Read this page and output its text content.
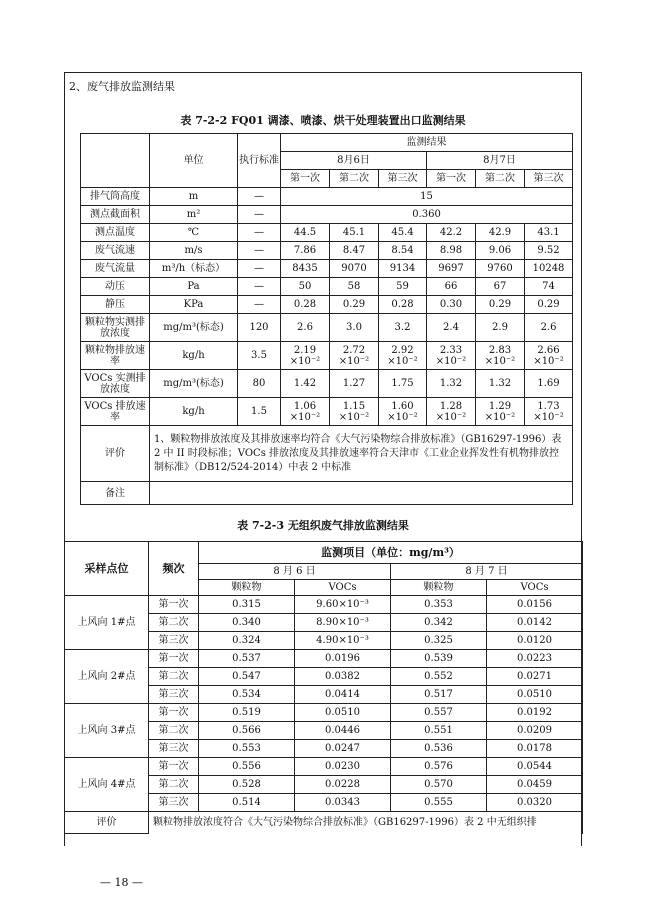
2、废气排放监测结果
表 7-2-2 FQ01 调漆、喷漆、烘干处理装置出口监测结果
	单位	执行标准	监测结果					
			8月6日			8月7日		
			第一次	第二次	第三次	第一次	第二次	第三次
排气筒高度	m	—	15					
测点截面积	m²	—	0.360					
测点温度	℃	—	44.5	45.1	45.4	42.2	42.9	43.1
废气流速	m/s	—	7.86	8.47	8.54	8.98	9.06	9.52
废气流量	m³/h（标态）	—	8435	9070	9134	9697	9760	10248
动压	Pa	—	50	58	59	66	67	74
静压	KPa	—	0.28	0.29	0.28	0.30	0.29	0.29
颗粒物实测排放浓度	mg/m³(标态)	120	2.6	3.0	3.2	2.4	2.9	2.6
颗粒物排放速率	kg/h	3.5	2.19 ×10⁻²	2.72 ×10⁻²	2.92 ×10⁻²	2.33 ×10⁻²	2.83 ×10⁻²	2.66 ×10⁻²
VOCs 实测排放浓度	mg/m³(标态)	80	1.42	1.27	1.75	1.32	1.32	1.69
VOCs 排放速率	kg/h	1.5	1.06 ×10⁻²	1.15 ×10⁻²	1.60 ×10⁻²	1.28 ×10⁻²	1.29 ×10⁻²	1.73 ×10⁻²
评价	1、颗粒物排放浓度及其排放速率均符合《大气污染物综合排放标准》（GB16297-1996）表 2 中 II 时段标准；VOCs 排放浓度及其排放速率符合天津市《工业企业挥发性有机物排放控制标准》（DB12/524-2014）中表 2 中标准							
备注								
表 7-2-3 无组织废气排放监测结果
采样点位	频次	监测项目（单位：mg/m³）			
		8 月 6 日		8 月 7 日	
		颗粒物	VOCs	颗粒物	VOCs
上风向 1#点	第一次	0.315	9.60×10⁻³	0.353	0.0156
	第二次	0.340	8.90×10⁻³	0.342	0.0142
	第三次	0.324	4.90×10⁻³	0.325	0.0120
上风向 2#点	第一次	0.537	0.0196	0.539	0.0223
	第二次	0.547	0.0382	0.552	0.0271
	第三次	0.534	0.0414	0.517	0.0510
上风向 3#点	第一次	0.519	0.0510	0.557	0.0192
	第二次	0.566	0.0446	0.551	0.0209
	第三次	0.553	0.0247	0.536	0.0178
上风向 4#点	第一次	0.556	0.0230	0.576	0.0544
	第二次	0.528	0.0228	0.570	0.0459
	第三次	0.514	0.0343	0.555	0.0320
评价	颗粒物排放浓度符合《大气污染物综合排放标准》（GB16297-1996）表 2 中无组织排				
— 18 —
